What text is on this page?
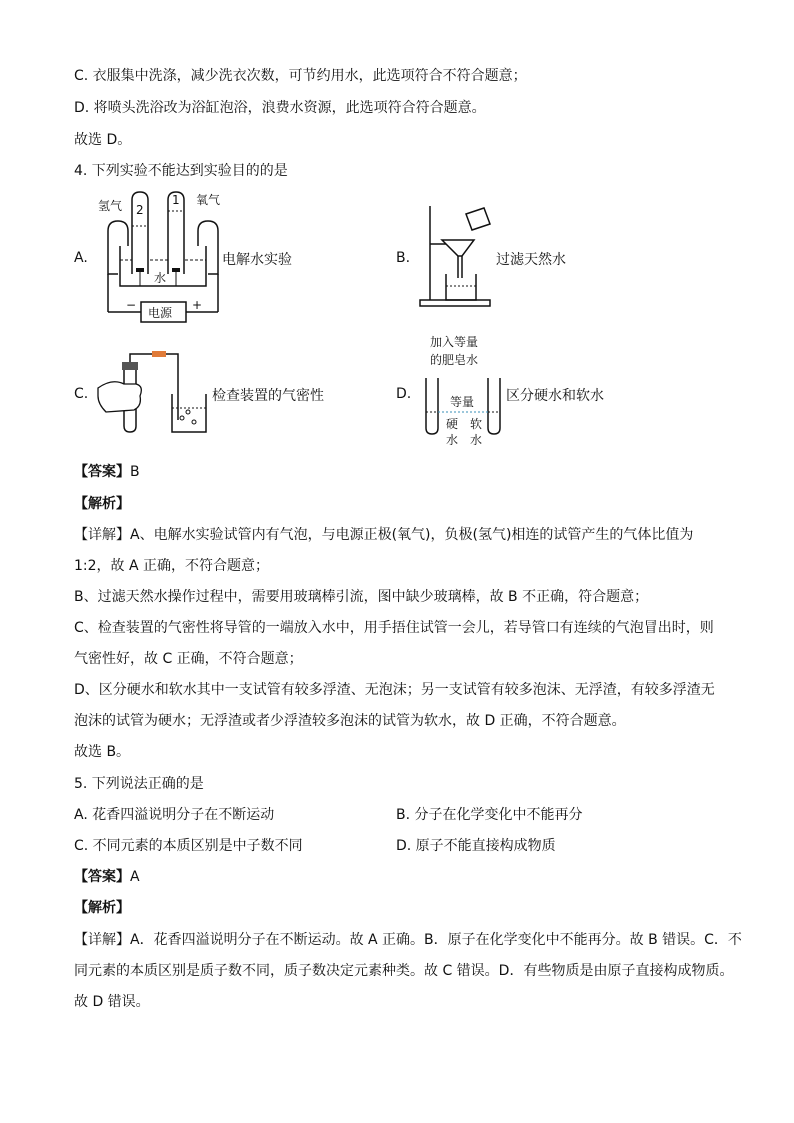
C. 衣服集中洗涤，减少洗衣次数，可节约用水，此选项符合不符合题意；
D. 将喷头洗浴改为浴缸泡浴，浪费水资源，此选项符合符合题意。
故选 D。
4. 下列实验不能达到实验目的的是
A.
氢气	氧气
2
1
水
电源
−	+
电解水实验	B.	过滤天然水
C.	检查装置的气密性	D.
加入等量
的肥皂水
等量
硬
水
软
水
区分硬水和软水
【答案】B
【解析】
【详解】A、电解水实验试管内有气泡，与电源正极(氧气)，负极(氢气)相连的试管产生的气体比值为
1:2，故 A 正确，不符合题意；
B、过滤天然水操作过程中，需要用玻璃棒引流，图中缺少玻璃棒，故 B 不正确，符合题意；
C、检查装置的气密性将导管的一端放入水中，用手捂住试管一会儿，若导管口有连续的气泡冒出时，则
气密性好，故 C 正确，不符合题意；
D、区分硬水和软水其中一支试管有较多浮渣、无泡沫；另一支试管有较多泡沫、无浮渣，有较多浮渣无
泡沫的试管为硬水；无浮渣或者少浮渣较多泡沫的试管为软水，故 D 正确，不符合题意。
故选 B。
5. 下列说法正确的是
A. 花香四溢说明分子在不断运动	B. 分子在化学变化中不能再分
C. 不同元素的本质区别是中子数不同	D. 原子不能直接构成物质
【答案】A
【解析】
【详解】A．花香四溢说明分子在不断运动。故 A 正确。B．原子在化学变化中不能再分。故 B 错误。C．不
同元素的本质区别是质子数不同，质子数决定元素种类。故 C 错误。D．有些物质是由原子直接构成物质。
故 D 错误。
